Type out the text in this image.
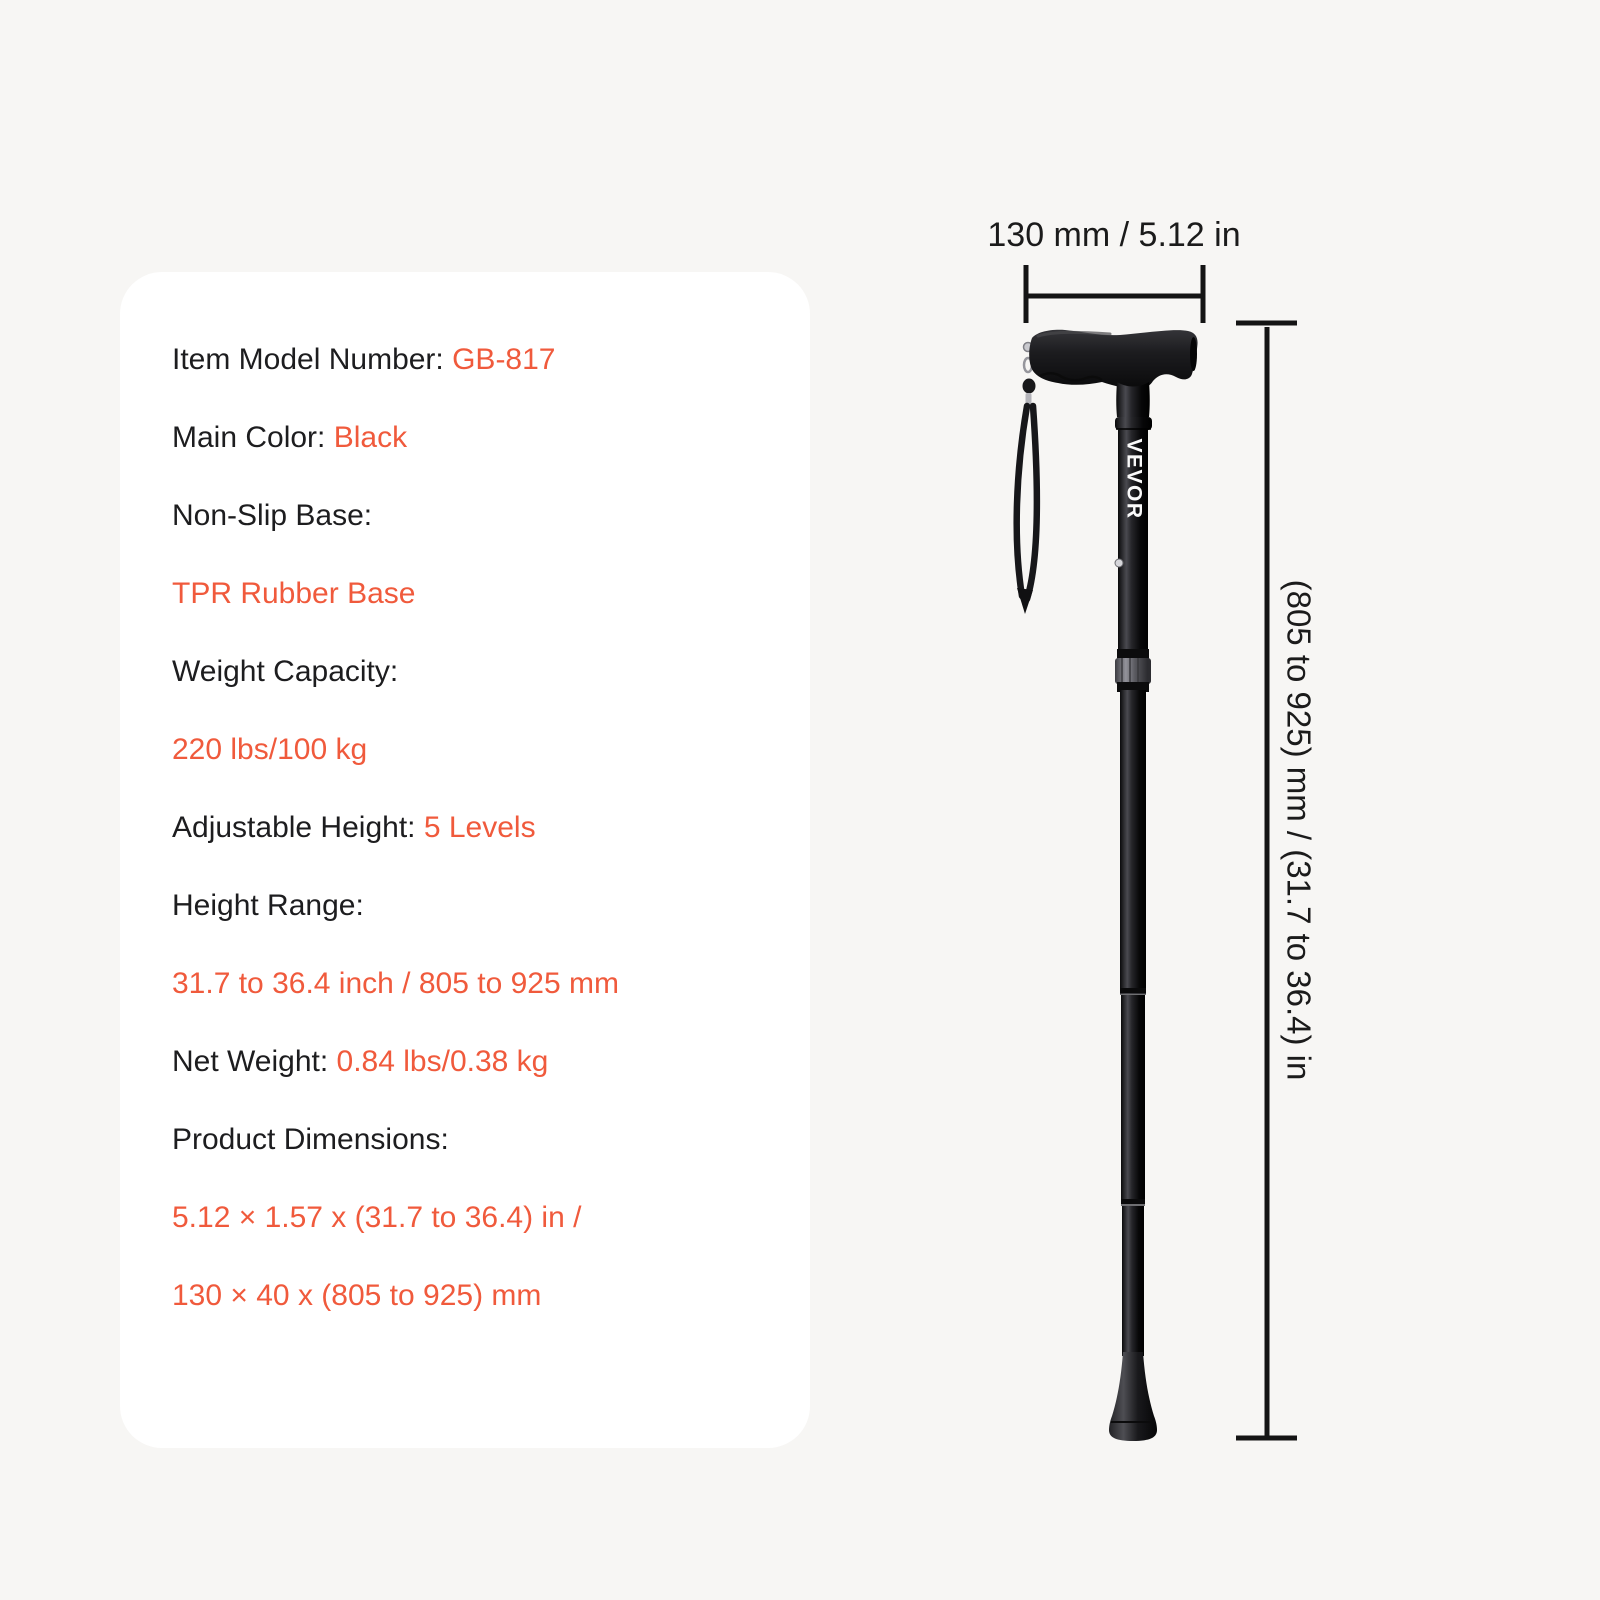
Item Model Number: GB-817

Main Color: Black

Non-Slip Base:

TPR Rubber Base

Weight Capacity:

220 lbs/100 kg

Adjustable Height: 5 Levels

Height Range:

31.7 to 36.4 inch / 805 to 925 mm

Net Weight: 0.84 lbs/0.38 kg

Product Dimensions:

5.12 × 1.57 x (31.7 to 36.4) in /

130 × 40 x (805 to 925) mm

130 mm / 5.12 in
(805 to 925) mm / (31.7 to 36.4) in
VEVOR
